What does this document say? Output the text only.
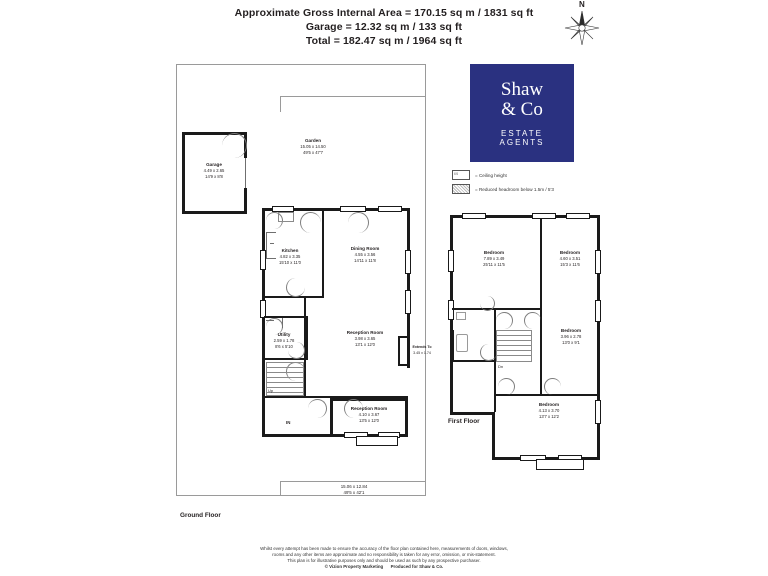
Approximate Gross Internal Area = 170.15 sq m / 1831 sq ft
Garage = 12.32 sq m / 133 sq ft
Total = 182.47 sq m / 1964 sq ft
N
Shaw
& Co
ESTATE
AGENTS
6'6	= Ceiling height
= Reduced headroom below 1.5m / 5'3
Garden
15.05 x 14.50
49'5 x 47'7
Garage
4.49 x 2.65
14'9 x 8'8
Up
IN
Kitchen
4.82 x 3.35
15'10 x 11'0
Dining Room
4.55 x 3.56
14'11 x 11'8
Utility
2.59 x 1.78
8'6 x 5'10
Reception Room
3.98 x 3.65
13'1 x 12'0
Reception Room
4.10 x 3.67
13'5 x 12'0
Extends To
3.45 x 1.74
15.06 x 12.84
49'5 x 42'1
Ground Floor
Dn
Bedroom
7.89 x 3.49
25'11 x 11'5
Bedroom
4.60 x 3.51
15'3 x 11'6
Bedroom
3.96 x 2.78
13'0 x 9'1
Bedroom
4.13 x 3.70
13'7 x 12'2
First Floor
Whilst every attempt has been made to ensure the accuracy of the floor plan contained here, measurements of doors, windows,
rooms and any other items are approximate and no responsibility is taken for any error, omission, or mis-statement.
This plan is for illustrative purposes only and should be used as such by any prospective purchaser.
© Vizion Property Marketing Produced for Shaw & Co.
